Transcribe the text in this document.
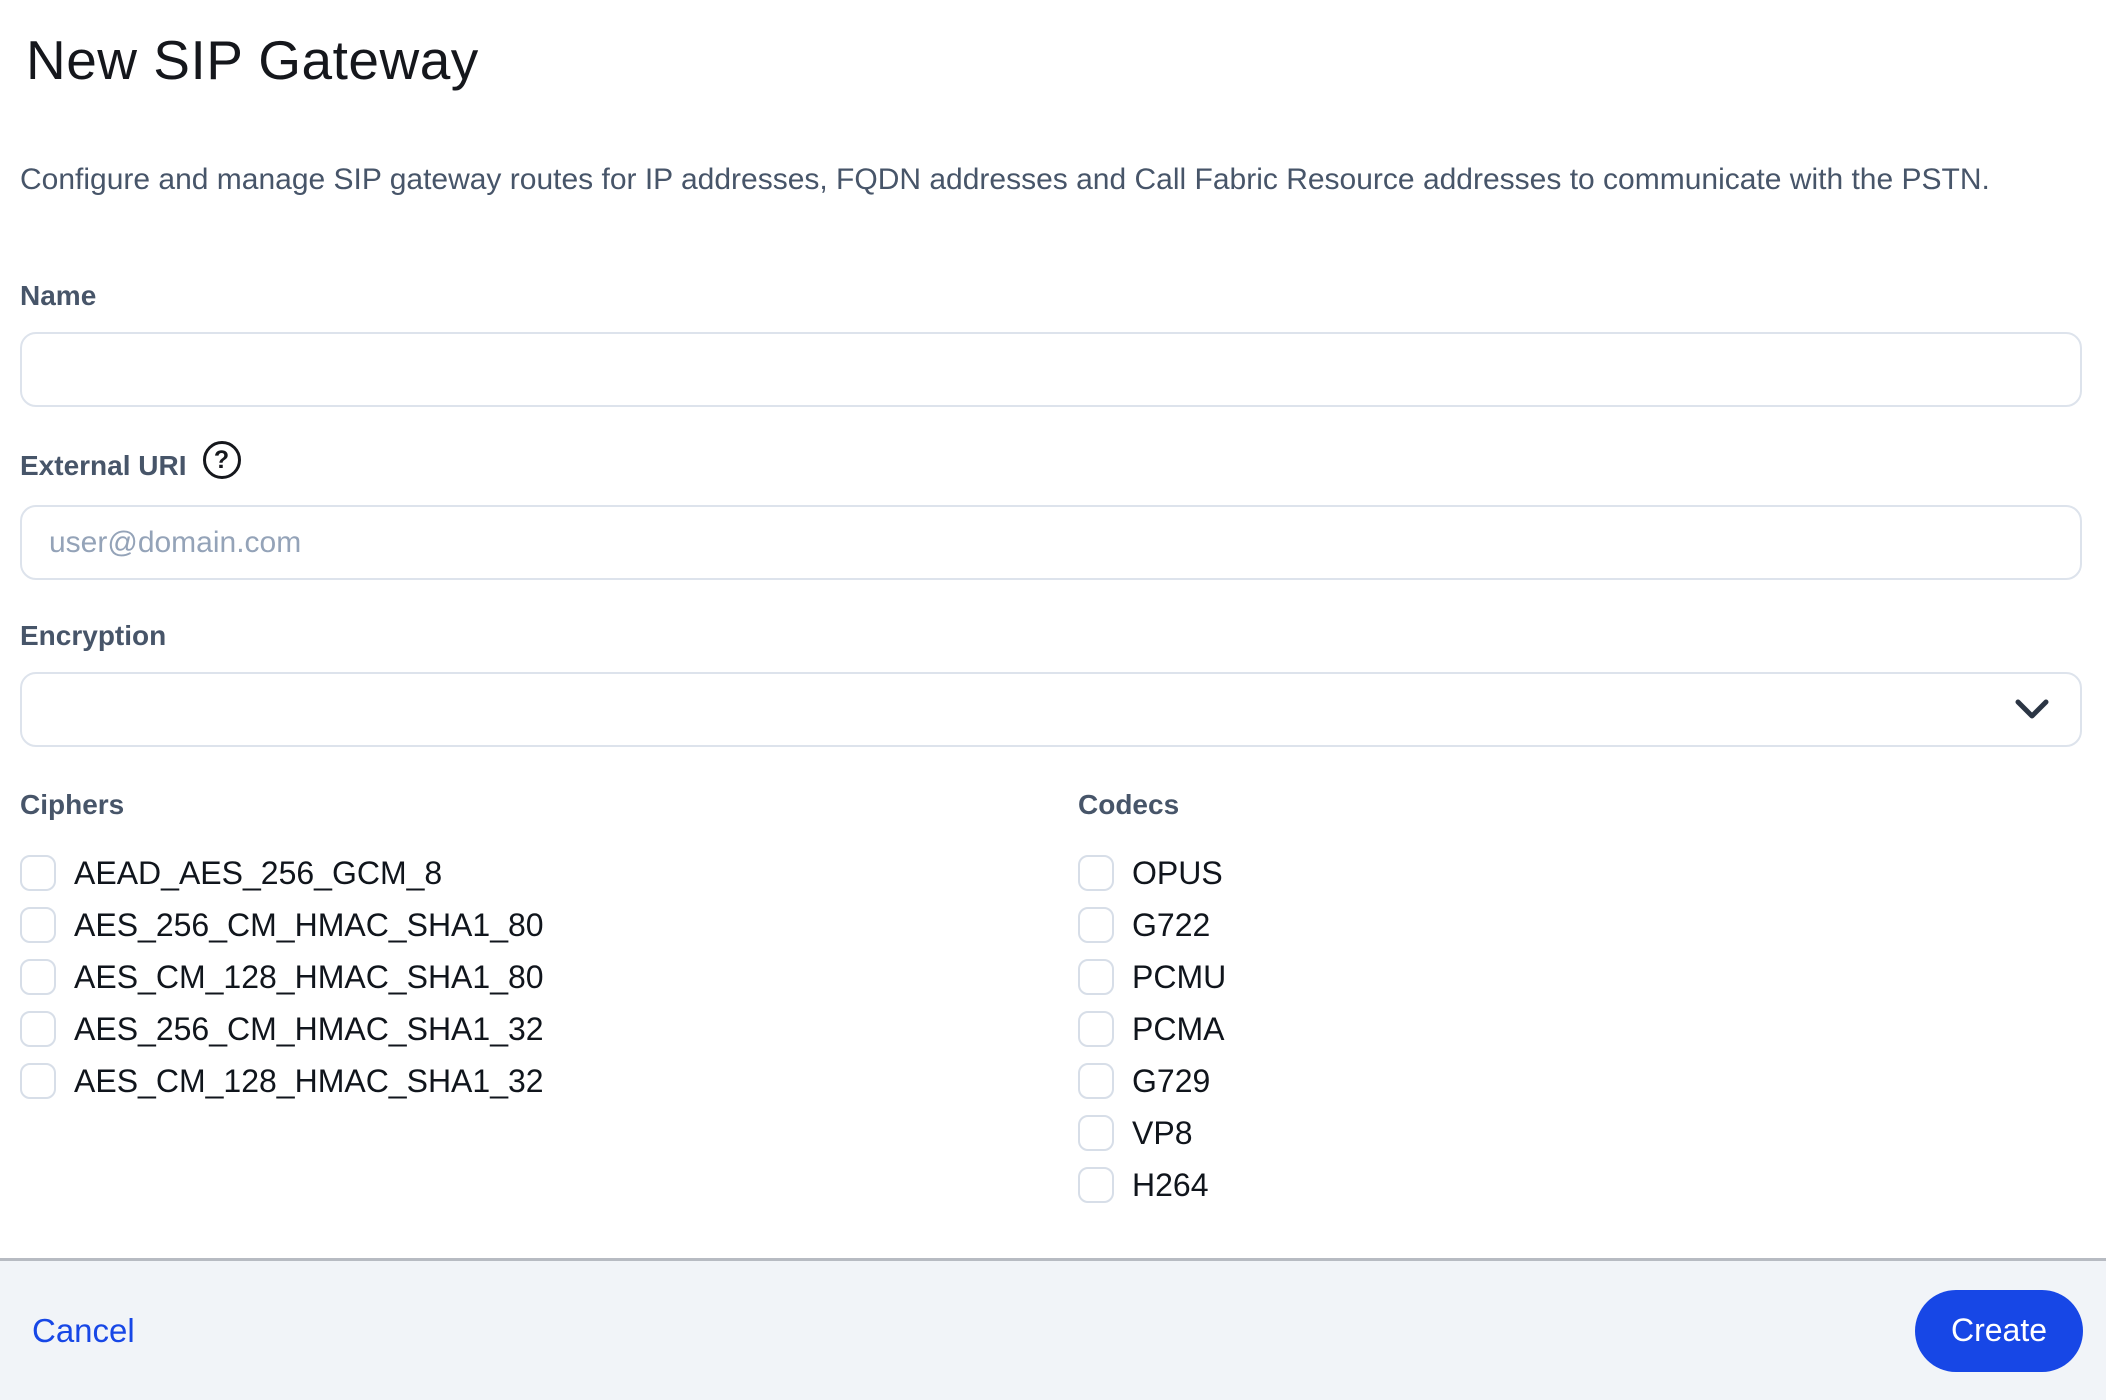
New SIP Gateway

Configure and manage SIP gateway routes for IP addresses, FQDN addresses and Call Fabric Resource addresses to communicate with the PSTN.

Name
External URI	?
user@domain.com
Encryption
Ciphers
AEAD_AES_256_GCM_8
AES_256_CM_HMAC_SHA1_80
AES_CM_128_HMAC_SHA1_80
AES_256_CM_HMAC_SHA1_32
AES_CM_128_HMAC_SHA1_32
Codecs
OPUS
G722
PCMU
PCMA
G729
VP8
H264
Cancel	Create
